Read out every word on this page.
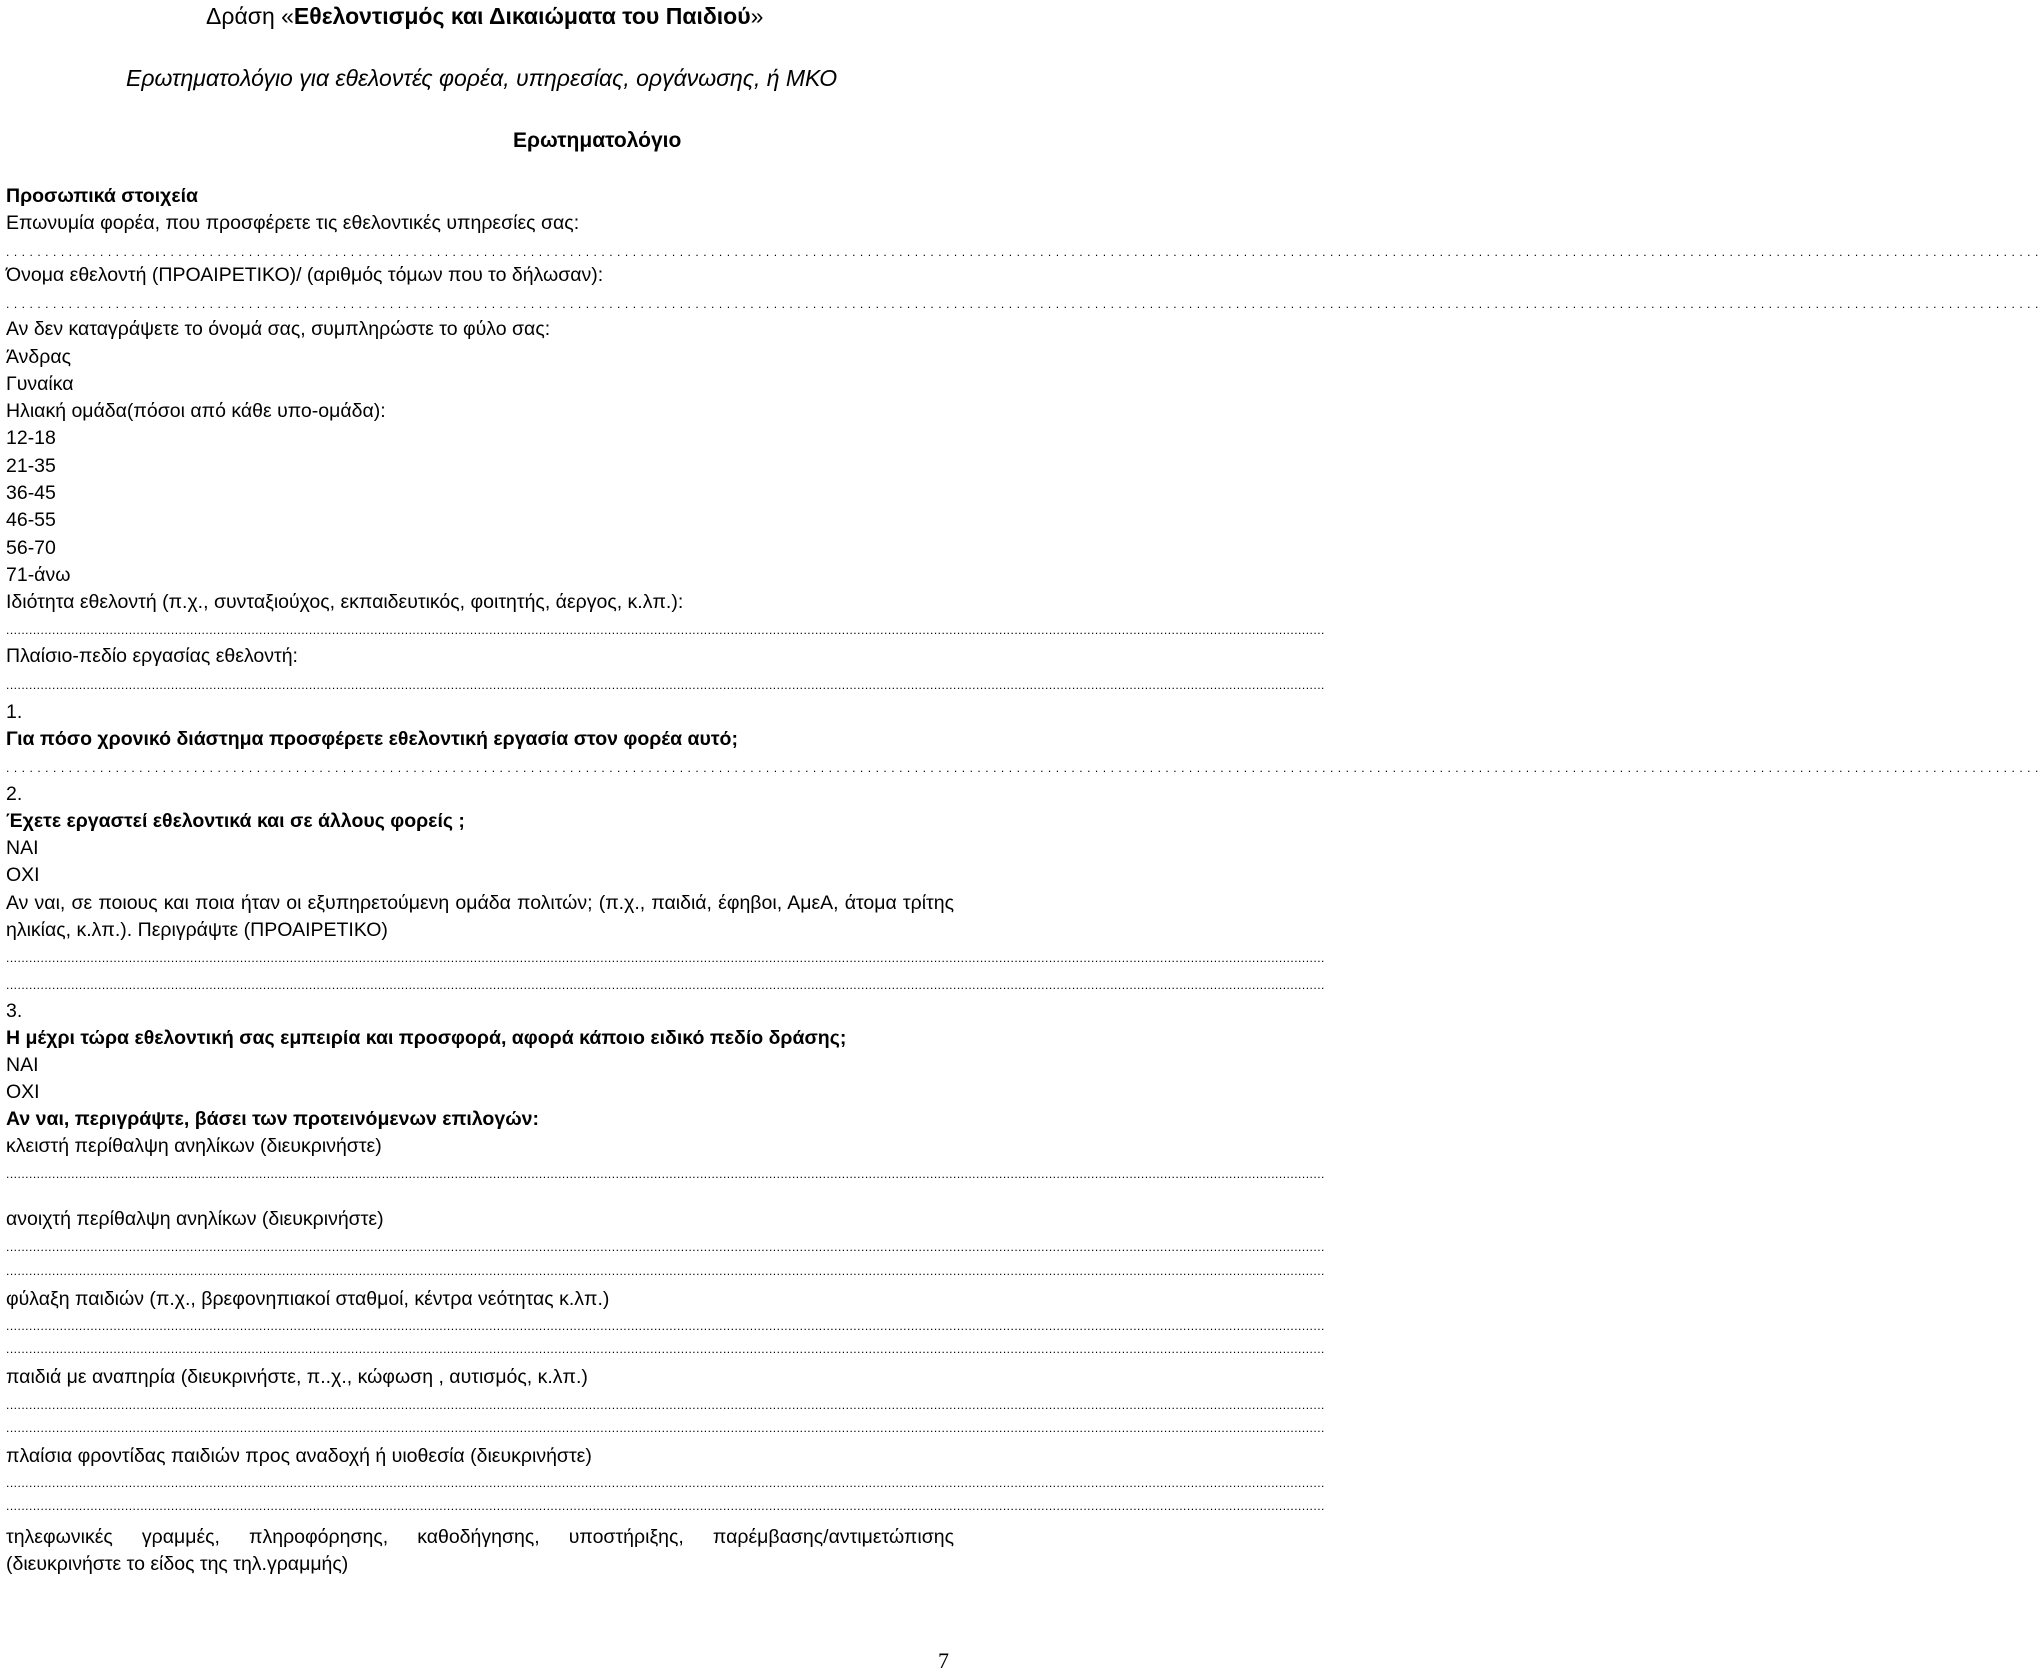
Δράση «Εθελοντισμός και Δικαιώματα του Παιδιού»
Ερωτηματολόγιο για εθελοντές φορέα, υπηρεσίας, οργάνωσης, ή ΜΚΟ
Ερωτηματολόγιο
Προσωπικά στοιχεία
Επωνυμία φορέα, που προσφέρετε τις εθελοντικές υπηρεσίες σας:
....................................................................................................................................................................................................................................................................
Όνομα εθελοντή (ΠΡΟΑΙΡΕΤΙΚΟ)/ (αριθμός τόμων που το δήλωσαν):
....................................................................................................................................................................................................................................................................
Αν δεν καταγράψετε το όνομά σας, συμπληρώστε το φύλο σας:
Άνδρας
Γυναίκα
Ηλιακή ομάδα(πόσοι από κάθε υπο-ομάδα):
12-18
21-35
36-45
46-55
56-70
71-άνω
Ιδιότητα εθελοντή (π.χ., συνταξιούχος, εκπαιδευτικός, φοιτητής, άεργος, κ.λπ.):
........................................................................................................................................................................................................................................................................................................................................................
Πλαίσιο-πεδίο εργασίας εθελοντή:
........................................................................................................................................................................................................................................................................................................................................................
1.
Για πόσο χρονικό διάστημα προσφέρετε εθελοντική εργασία στον φορέα αυτό;
....................................................................................................................................................................................................................................................................
2.
Έχετε εργαστεί εθελοντικά και σε άλλους φορείς ;
ΝΑΙ
ΟΧΙ
Αν ναι, σε ποιους και ποια ήταν οι εξυπηρετούμενη ομάδα πολιτών; (π.χ., παιδιά, έφηβοι, ΑμεΑ, άτομα τρίτης ηλικίας, κ.λπ.). Περιγράψτε (ΠΡΟΑΙΡΕΤΙΚΟ)
........................................................................................................................................................................................................................................................................................................................................................
........................................................................................................................................................................................................................................................................................................................................................
3.
Η μέχρι τώρα εθελοντική σας εμπειρία και προσφορά, αφορά κάποιο ειδικό πεδίο δράσης;
ΝΑΙ
ΟΧΙ
Αν ναι, περιγράψτε, βάσει των προτεινόμενων επιλογών:
κλειστή περίθαλψη ανηλίκων (διευκρινήστε)
........................................................................................................................................................................................................................................................................................................................................................
ανοιχτή περίθαλψη ανηλίκων (διευκρινήστε)
........................................................................................................................................................................................................................................................................................................................................................
........................................................................................................................................................................................................................................................................................................................................................
φύλαξη παιδιών (π.χ., βρεφονηπιακοί σταθμοί, κέντρα νεότητας κ.λπ.)
........................................................................................................................................................................................................................................................................................................................................................
........................................................................................................................................................................................................................................................................................................................................................
παιδιά με αναπηρία (διευκρινήστε, π..χ., κώφωση , αυτισμός, κ.λπ.)
........................................................................................................................................................................................................................................................................................................................................................
........................................................................................................................................................................................................................................................................................................................................................
πλαίσια φροντίδας παιδιών προς αναδοχή ή υιοθεσία (διευκρινήστε)
........................................................................................................................................................................................................................................................................................................................................................
........................................................................................................................................................................................................................................................................................................................................................
τηλεφωνικές γραμμές, πληροφόρησης, καθοδήγησης, υποστήριξης, παρέμβασης/αντιμετώπισης (διευκρινήστε το είδος της τηλ.γραμμής)
7
